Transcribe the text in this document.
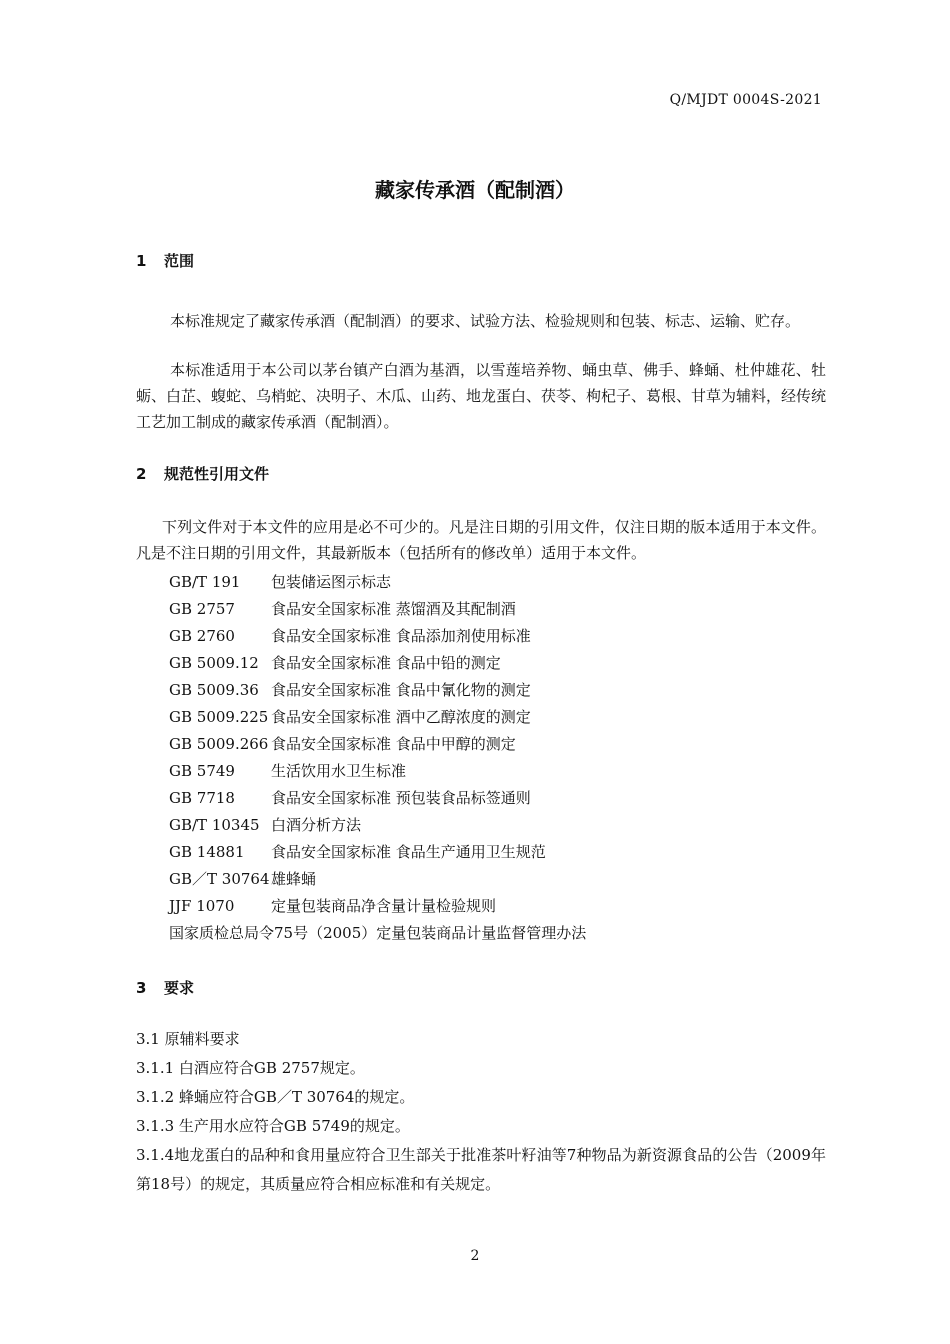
Q/MJDT 0004S-2021
藏家传承酒（配制酒）
1 范围
本标准规定了藏家传承酒（配制酒）的要求、试验方法、检验规则和包装、标志、运输、贮存。
本标准适用于本公司以茅台镇产白酒为基酒，以雪莲培养物、蛹虫草、佛手、蜂蛹、杜仲雄花、牡蛎、白芷、蝮蛇、乌梢蛇、决明子、木瓜、山药、地龙蛋白、茯苓、枸杞子、葛根、甘草为辅料，经传统工艺加工制成的藏家传承酒（配制酒）。
2 规范性引用文件
下列文件对于本文件的应用是必不可少的。凡是注日期的引用文件，仅注日期的版本适用于本文件。凡是不注日期的引用文件，其最新版本（包括所有的修改单）适用于本文件。
GB/T 191 包装储运图示标志
GB 2757 食品安全国家标准 蒸馏酒及其配制酒
GB 2760 食品安全国家标准 食品添加剂使用标准
GB 5009.12 食品安全国家标准 食品中铅的测定
GB 5009.36 食品安全国家标准 食品中氰化物的测定
GB 5009.225 食品安全国家标准 酒中乙醇浓度的测定
GB 5009.266 食品安全国家标准 食品中甲醇的测定
GB 5749 生活饮用水卫生标准
GB 7718 食品安全国家标准 预包装食品标签通则
GB/T 10345 白酒分析方法
GB 14881 食品安全国家标准 食品生产通用卫生规范
GB／T 30764 雄蜂蛹
JJF 1070 定量包装商品净含量计量检验规则
国家质检总局令75号（2005）定量包装商品计量监督管理办法
3 要求
3.1 原辅料要求
3.1.1 白酒应符合GB 2757规定。
3.1.2 蜂蛹应符合GB／T 30764的规定。
3.1.3 生产用水应符合GB 5749的规定。
3.1.4地龙蛋白的品种和食用量应符合卫生部关于批准茶叶籽油等7种物品为新资源食品的公告（2009年第18号）的规定，其质量应符合相应标准和有关规定。
2
